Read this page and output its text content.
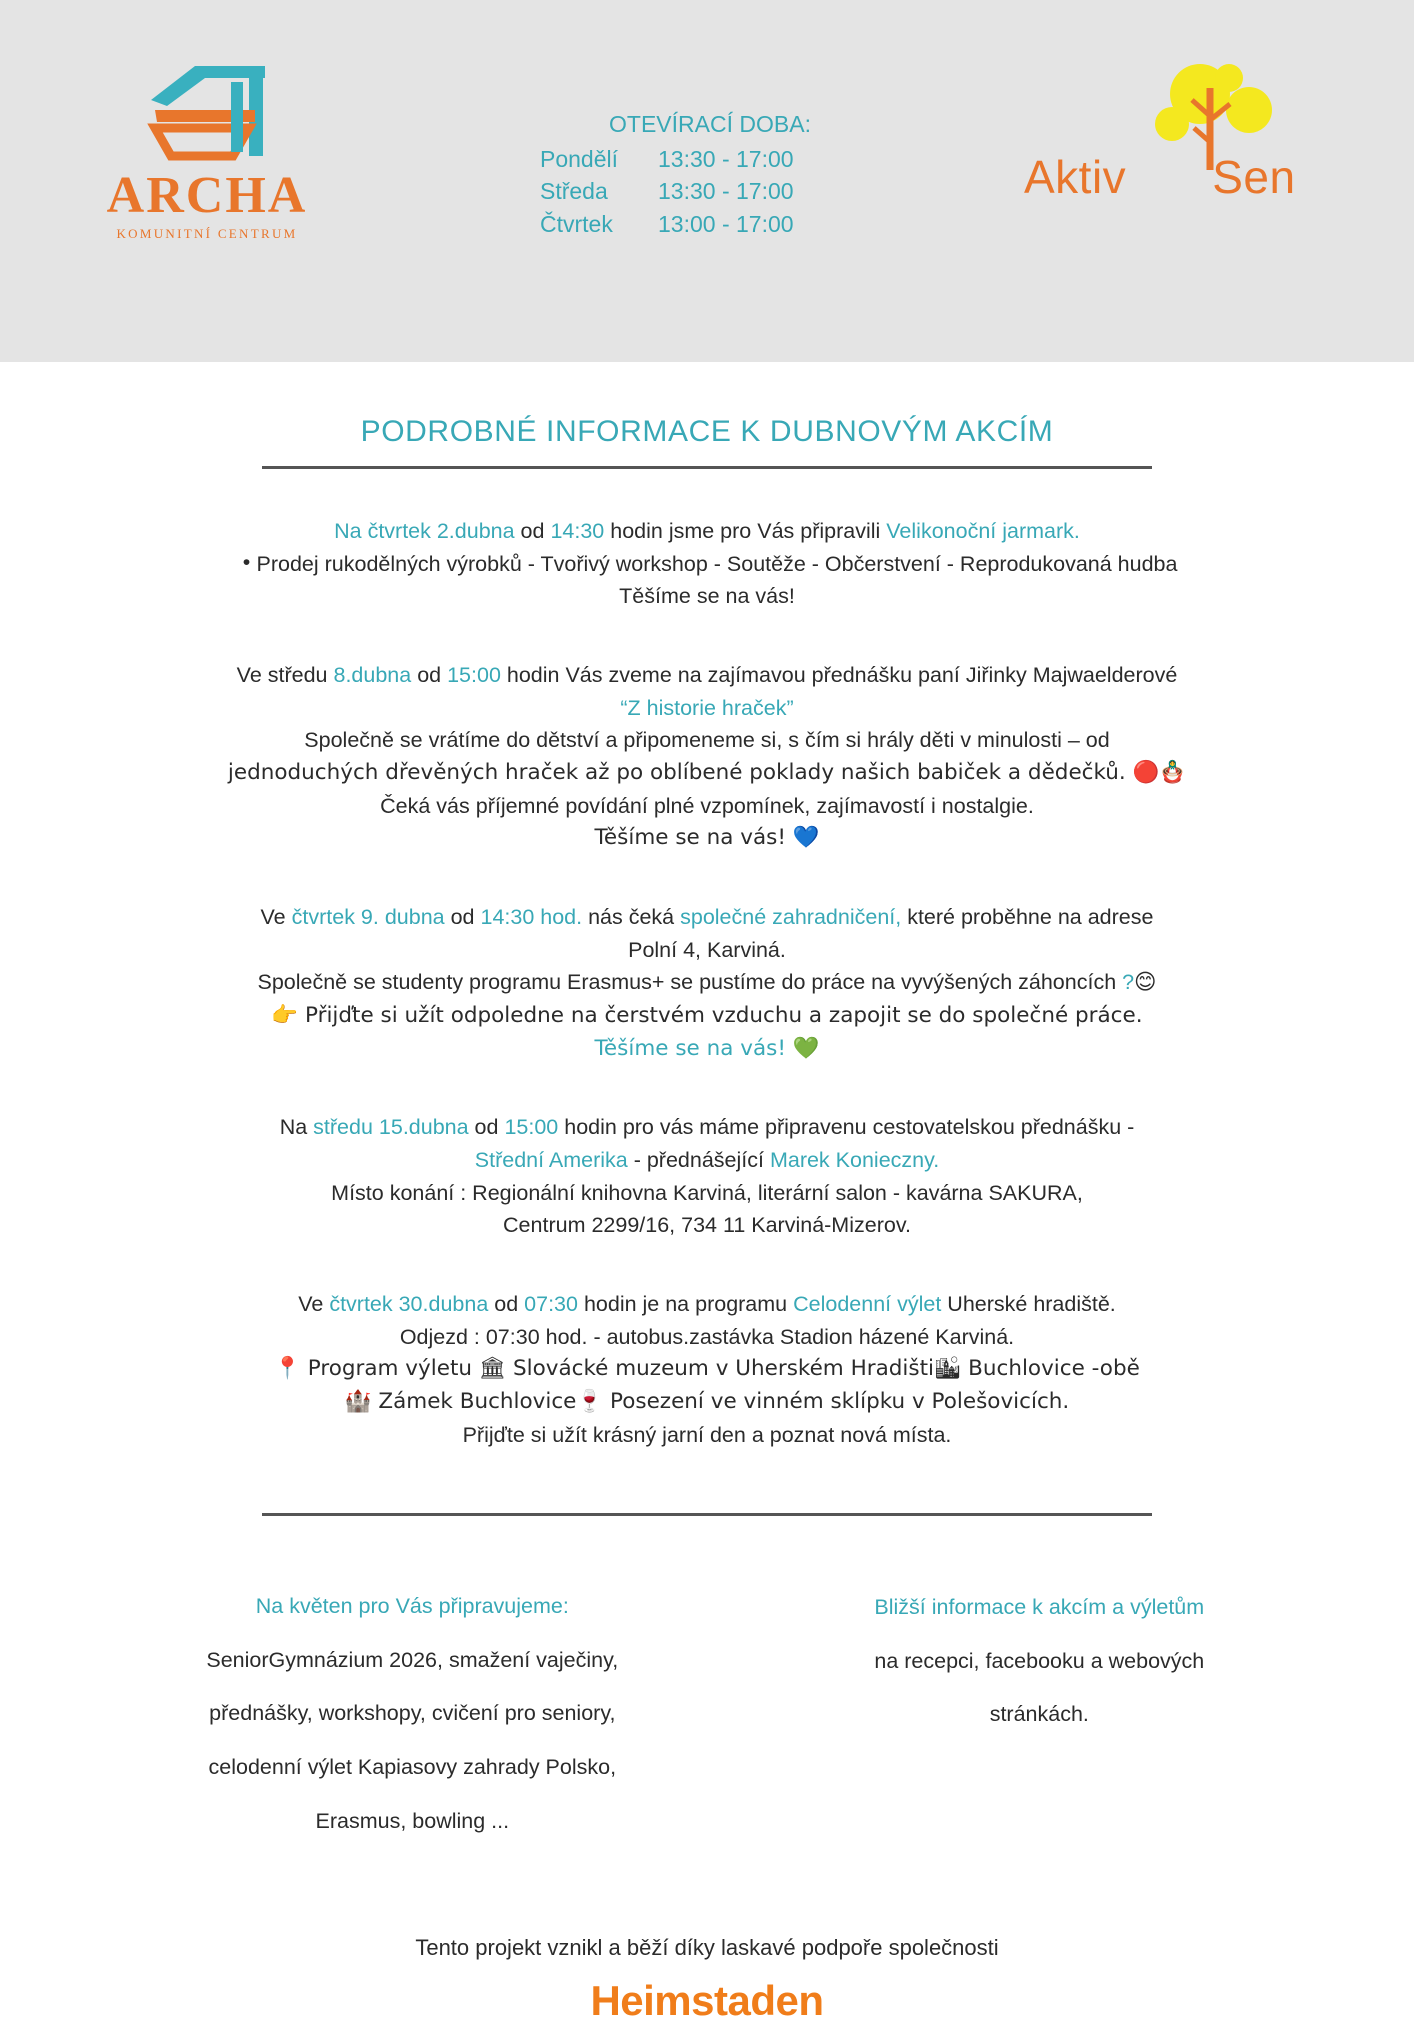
ARCHA
KOMUNITNÍ CENTRUM
OTEVÍRACÍ DOBA:
Pondělí	13:30 - 17:00
Středa	13:30 - 17:00
Čtvrtek	13:00 - 17:00
Aktiv Sen
PODROBNÉ INFORMACE K DUBNOVÝM AKCÍM

Na čtvrtek 2.dubna od 14:30 hodin jsme pro Vás připravili Velikonoční jarmark.

• Prodej rukodělných výrobků - Tvořivý workshop - Soutěže - Občerstvení - Reprodukovaná hudba

Těšíme se na vás!

Ve středu 8.dubna od 15:00 hodin Vás zveme na zajímavou přednášku paní Jiřinky Majwaelderové

“Z historie hraček”

Společně se vrátíme do dětství a připomeneme si, s čím si hrály děti v minulosti – od

jednoduchých dřevěných hraček až po oblíbené poklady našich babiček a dědečků. 🔴🪆

Čeká vás příjemné povídání plné vzpomínek, zajímavostí i nostalgie.

Těšíme se na vás! 💙

Ve čtvrtek 9. dubna od 14:30 hod. nás čeká společné zahradničení, které proběhne na adrese

Polní 4, Karviná.

Společně se studenty programu Erasmus+ se pustíme do práce na vyvýšených záhoncích ?😊

👉 Přijďte si užít odpoledne na čerstvém vzduchu a zapojit se do společné práce.

Těšíme se na vás! 💚

Na středu 15.dubna od 15:00 hodin pro vás máme připravenu cestovatelskou přednášku -

Střední Amerika - přednášející Marek Konieczny.

Místo konání : Regionální knihovna Karviná, literární salon - kavárna SAKURA,

Centrum 2299/16, 734 11 Karviná-Mizerov.

Ve čtvrtek 30.dubna od 07:30 hodin je na programu Celodenní výlet Uherské hradiště.

Odjezd : 07:30 hod. - autobus.zastávka Stadion házené Karviná.

📍 Program výletu 🏛 Slovácké muzeum v Uherském Hradišti🏙 Buchlovice -obě

🏰 Zámek Buchlovice🍷 Posezení ve vinném sklípku v Polešovicích.

Přijďte si užít krásný jarní den a poznat nová místa.

Na květen pro Vás připravujeme:

SeniorGymnázium 2026, smažení vaječiny,

přednášky, workshopy, cvičení pro seniory,

celodenní výlet Kapiasovy zahrady Polsko,

Erasmus, bowling ...

Bližší informace k akcím a výletům

na recepci, facebooku a webových

stránkách.

Tento projekt vznikl a běží díky laskavé podpoře společnosti
Heimstaden
